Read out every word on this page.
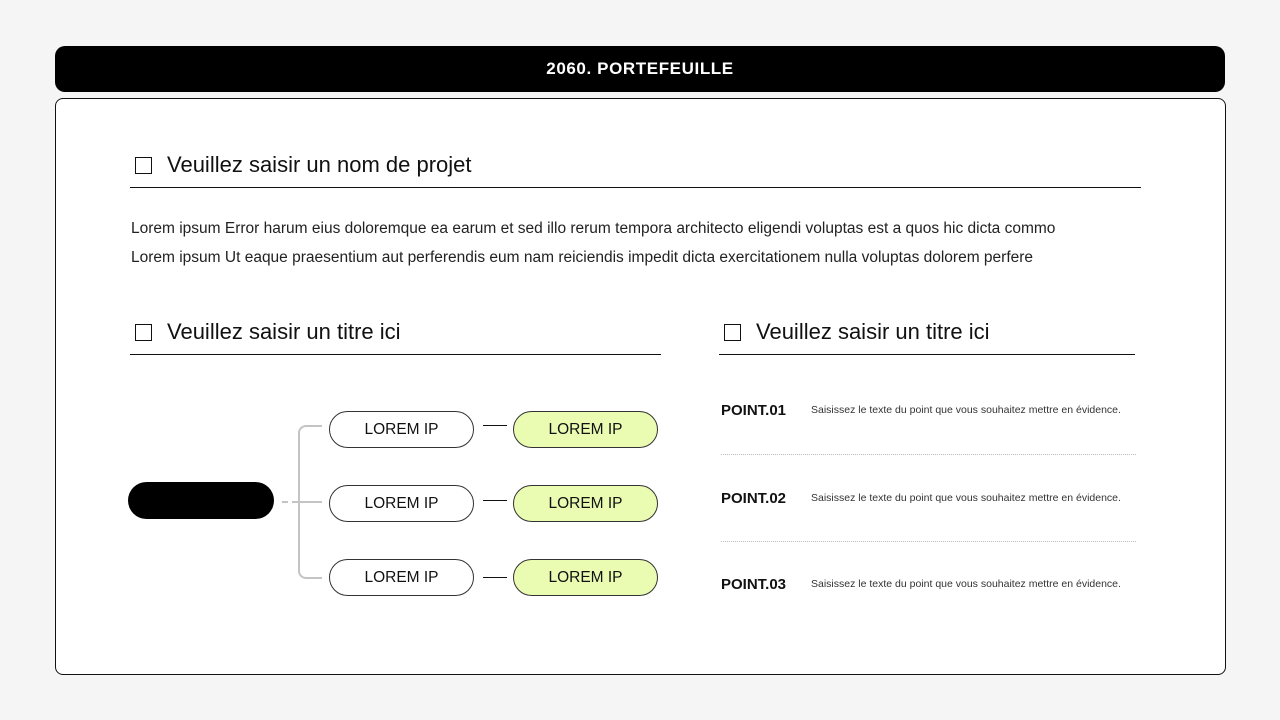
2060. PORTEFEUILLE
Veuillez saisir un nom de projet
Lorem ipsum Error harum eius doloremque ea earum et sed illo rerum tempora architecto eligendi voluptas est a quos hic dicta commo
Lorem ipsum Ut eaque praesentium aut perferendis eum nam reiciendis impedit dicta exercitationem nulla voluptas dolorem perfere
Veuillez saisir un titre ici	Veuillez saisir un titre ici
LOREM IP	LOREM IP
LOREM IP	LOREM IP
LOREM IP	LOREM IP
POINT.01	Saisissez le texte du point que vous souhaitez mettre en évidence.
POINT.02	Saisissez le texte du point que vous souhaitez mettre en évidence.
POINT.03	Saisissez le texte du point que vous souhaitez mettre en évidence.
